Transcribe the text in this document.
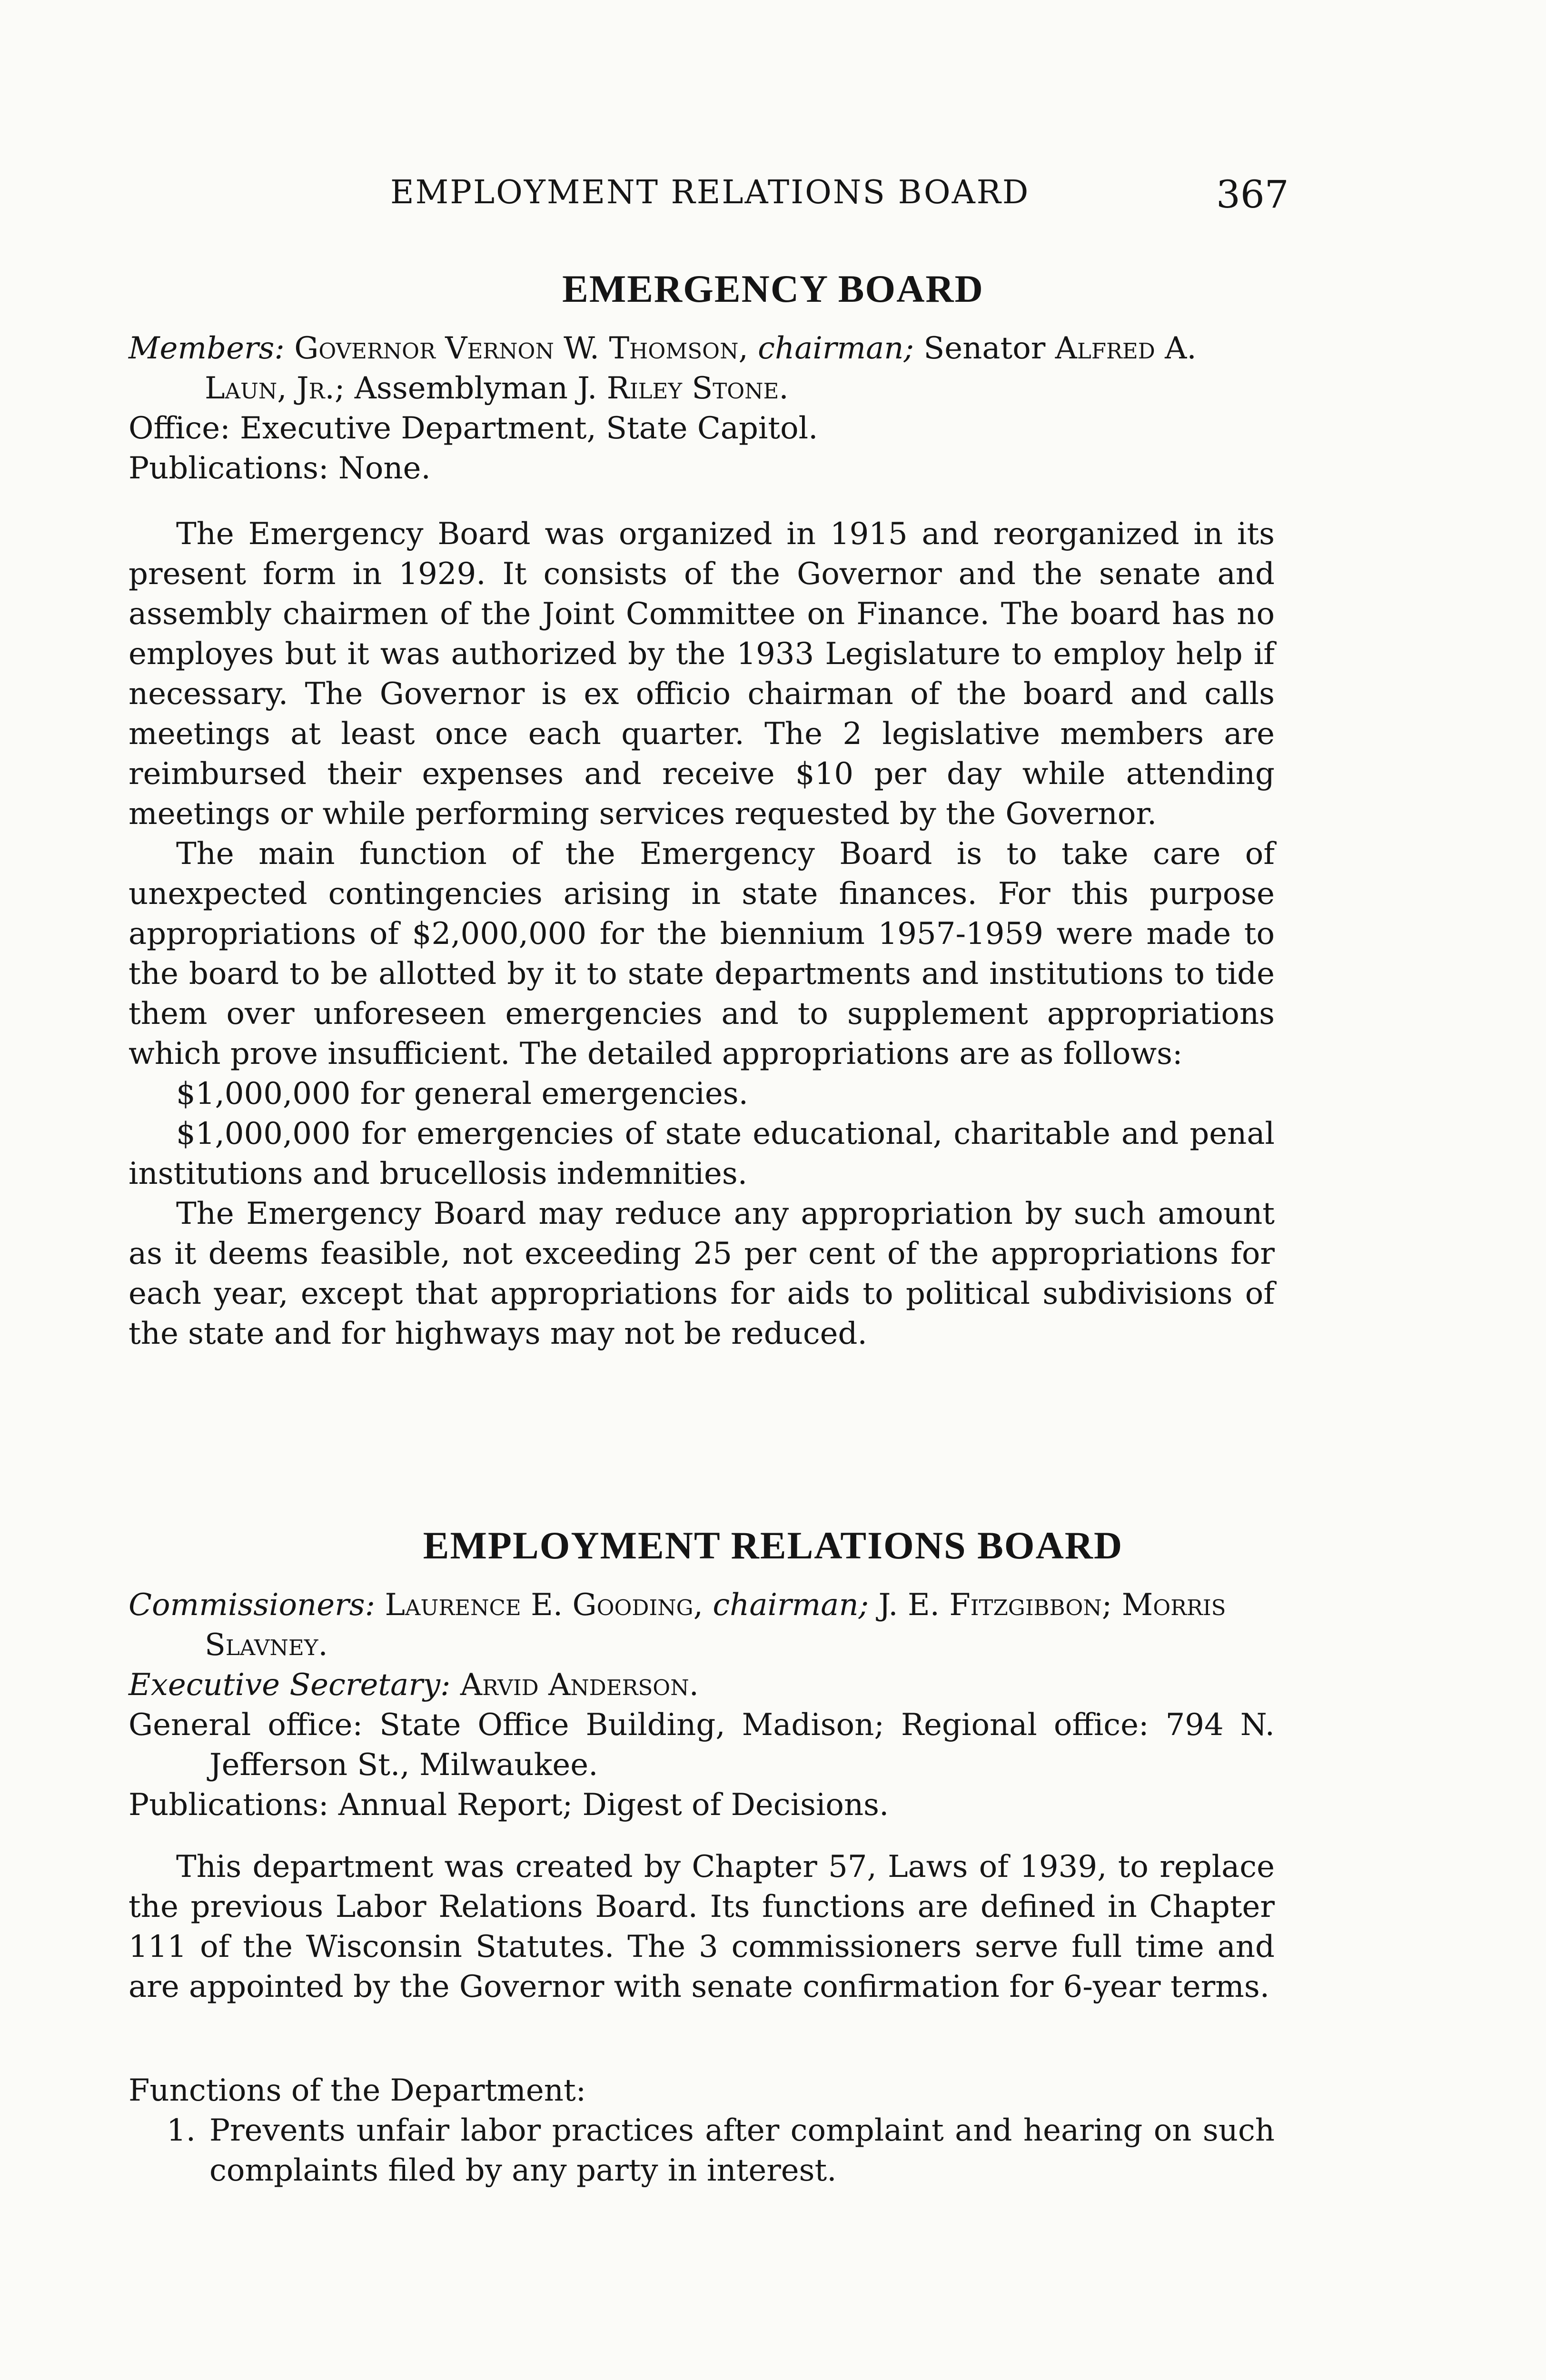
EMPLOYMENT RELATIONS BOARD	367
EMERGENCY BOARD

Members: Governor Vernon W. Thomson, chairman; Senator Alfred A. Laun, Jr.; Assemblyman J. Riley Stone.

Office: Executive Department, State Capitol.

Publications: None.

The Emergency Board was organized in 1915 and reorganized in its present form in 1929. It consists of the Governor and the senate and assembly chairmen of the Joint Committee on Finance. The board has no employes but it was authorized by the 1933 Legislature to employ help if necessary. The Governor is ex officio chairman of the board and calls meetings at least once each quarter. The 2 legislative members are reimbursed their expenses and receive $10 per day while attending meetings or while performing services requested by the Governor.

The main function of the Emergency Board is to take care of unexpected contingencies arising in state finances. For this purpose appropriations of $2,000,000 for the biennium 1957-1959 were made to the board to be allotted by it to state departments and institutions to tide them over unforeseen emergencies and to supplement appropriations which prove insufficient. The detailed appropriations are as follows:

$1,000,000 for general emergencies.

$1,000,000 for emergencies of state educational, charitable and penal institutions and brucellosis indemnities.

The Emergency Board may reduce any appropriation by such amount as it deems feasible, not exceeding 25 per cent of the appropriations for each year, except that appropriations for aids to political subdivisions of the state and for highways may not be reduced.

EMPLOYMENT RELATIONS BOARD

Commissioners: Laurence E. Gooding, chairman; J. E. Fitzgibbon; Morris Slavney.

Executive Secretary: Arvid Anderson.

General office: State Office Building, Madison; Regional office: 794 N. Jefferson St., Milwaukee.

Publications: Annual Report; Digest of Decisions.

This department was created by Chapter 57, Laws of 1939, to replace the previous Labor Relations Board. Its functions are defined in Chapter 111 of the Wisconsin Statutes. The 3 commissioners serve full time and are appointed by the Governor with senate confirmation for 6-year terms.

Functions of the Department:

1. Prevents unfair labor practices after complaint and hearing on such complaints filed by any party in interest.
